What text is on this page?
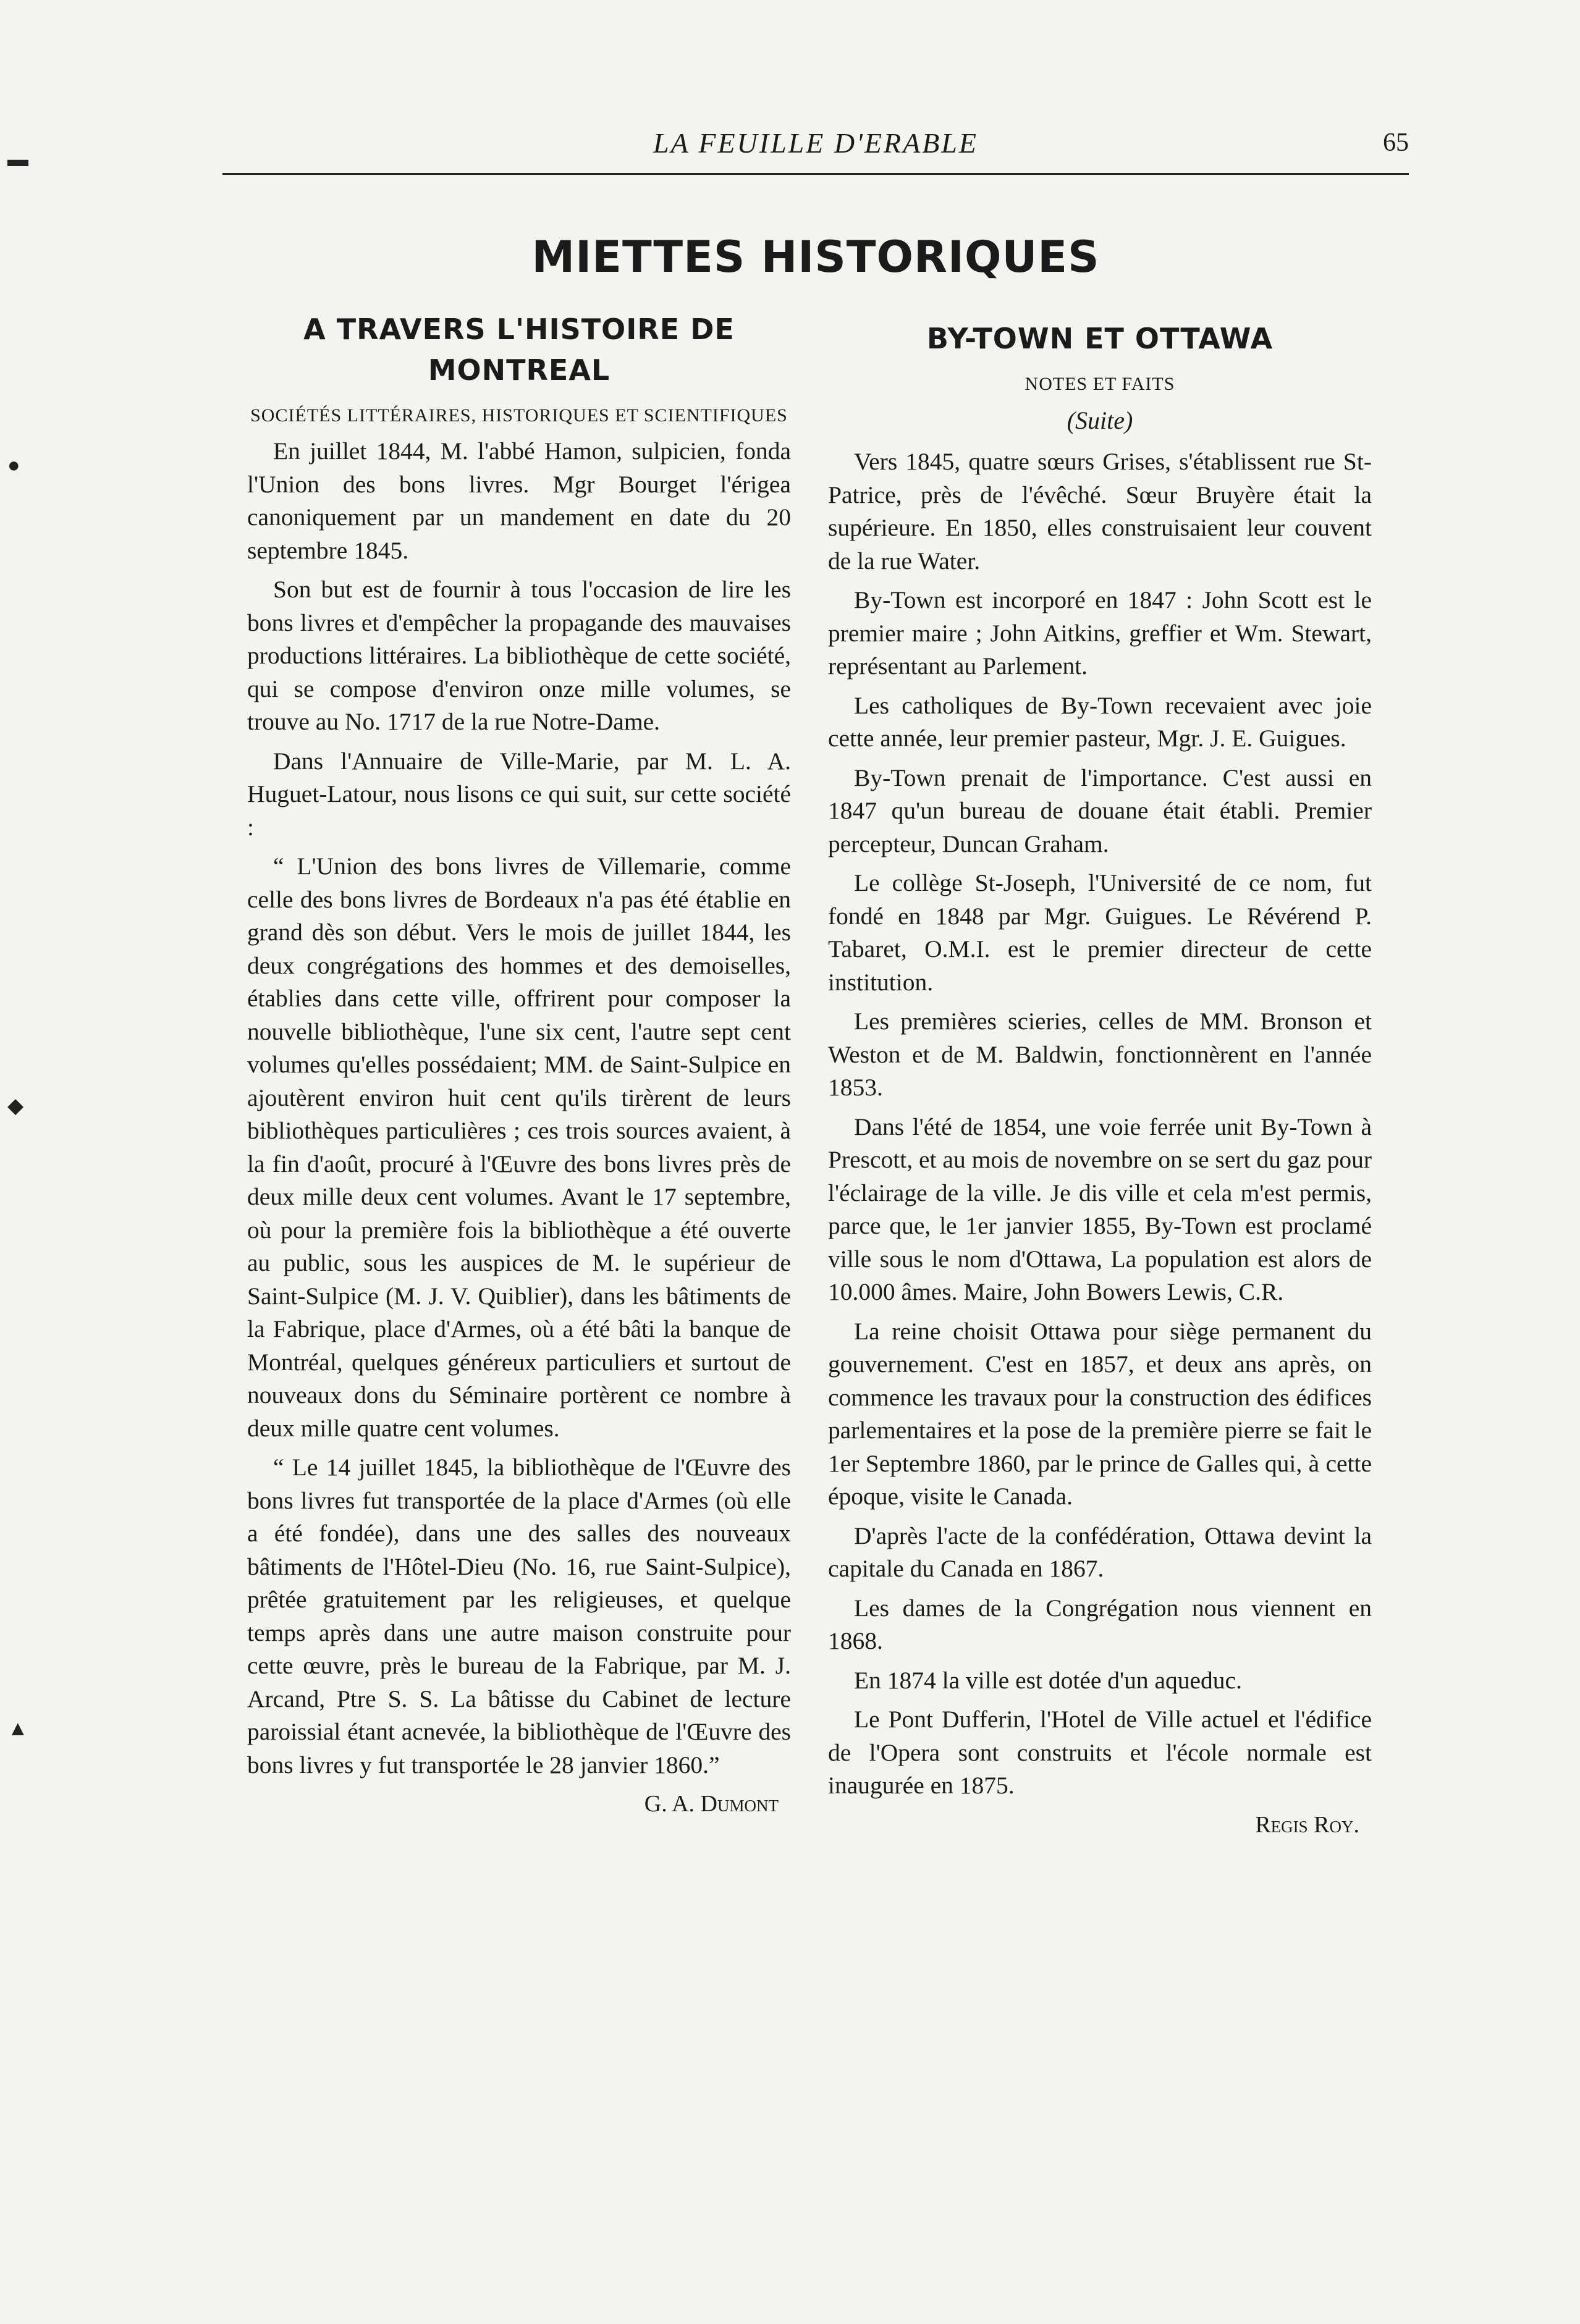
LA FEUILLE D'ERABLE	65
MIETTES HISTORIQUES
A TRAVERS L'HISTOIRE DE MONTREAL
SOCIÉTÉS LITTÉRAIRES, HISTORIQUES ET SCIENTIFIQUES

En juillet 1844, M. l'abbé Hamon, sulpicien, fonda l'Union des bons livres. Mgr Bourget l'érigea canoniquement par un mandement en date du 20 septembre 1845.

Son but est de fournir à tous l'occasion de lire les bons livres et d'empêcher la propagande des mauvaises productions littéraires. La bibliothèque de cette société, qui se compose d'environ onze mille volumes, se trouve au No. 1717 de la rue Notre-Dame.

Dans l'Annuaire de Ville-Marie, par M. L. A. Huguet-Latour, nous lisons ce qui suit, sur cette société :

“ L'Union des bons livres de Villemarie, comme celle des bons livres de Bordeaux n'a pas été établie en grand dès son début. Vers le mois de juillet 1844, les deux congrégations des hommes et des demoiselles, établies dans cette ville, offrirent pour composer la nouvelle bibliothèque, l'une six cent, l'autre sept cent volumes qu'elles possédaient; MM. de Saint-Sulpice en ajoutèrent environ huit cent qu'ils tirèrent de leurs bibliothèques particulières ; ces trois sources avaient, à la fin d'août, procuré à l'Œuvre des bons livres près de deux mille deux cent volumes. Avant le 17 septembre, où pour la première fois la bibliothèque a été ouverte au public, sous les auspices de M. le supérieur de Saint-Sulpice (M. J. V. Quiblier), dans les bâtiments de la Fabrique, place d'Armes, où a été bâti la banque de Montréal, quelques généreux particuliers et surtout de nouveaux dons du Séminaire portèrent ce nombre à deux mille quatre cent volumes.

“ Le 14 juillet 1845, la bibliothèque de l'Œuvre des bons livres fut transportée de la place d'Armes (où elle a été fondée), dans une des salles des nouveaux bâtiments de l'Hôtel-Dieu (No. 16, rue Saint-Sulpice), prêtée gratuitement par les religieuses, et quelque temps après dans une autre maison construite pour cette œuvre, près le bureau de la Fabrique, par M. J. Arcand, Ptre S. S. La bâtisse du Cabinet de lecture paroissial étant acnevée, la bibliothèque de l'Œuvre des bons livres y fut transportée le 28 janvier 1860.”

G. A. Dumont
BY-TOWN ET OTTAWA
NOTES ET FAITS
(Suite)

Vers 1845, quatre sœurs Grises, s'établissent rue St-Patrice, près de l'évêché. Sœur Bruyère était la supérieure. En 1850, elles construisaient leur couvent de la rue Water.

By-Town est incorporé en 1847 : John Scott est le premier maire ; John Aitkins, greffier et Wm. Stewart, représentant au Parlement.

Les catholiques de By-Town recevaient avec joie cette année, leur premier pasteur, Mgr. J. E. Guigues.

By-Town prenait de l'importance. C'est aussi en 1847 qu'un bureau de douane était établi. Premier percepteur, Duncan Graham.

Le collège St-Joseph, l'Université de ce nom, fut fondé en 1848 par Mgr. Guigues. Le Révérend P. Tabaret, O.M.I. est le premier directeur de cette institution.

Les premières scieries, celles de MM. Bronson et Weston et de M. Baldwin, fonctionnèrent en l'année 1853.

Dans l'été de 1854, une voie ferrée unit By-Town à Prescott, et au mois de novembre on se sert du gaz pour l'éclairage de la ville. Je dis ville et cela m'est permis, parce que, le 1er janvier 1855, By-Town est proclamé ville sous le nom d'Ottawa, La population est alors de 10.000 âmes. Maire, John Bowers Lewis, C.R.

La reine choisit Ottawa pour siège permanent du gouvernement. C'est en 1857, et deux ans après, on commence les travaux pour la construction des édifices parlementaires et la pose de la première pierre se fait le 1er Septembre 1860, par le prince de Galles qui, à cette époque, visite le Canada.

D'après l'acte de la confédération, Ottawa devint la capitale du Canada en 1867.

Les dames de la Congrégation nous viennent en 1868.

En 1874 la ville est dotée d'un aqueduc.

Le Pont Dufferin, l'Hotel de Ville actuel et l'édifice de l'Opera sont construits et l'école normale est inaugurée en 1875.

Regis Roy.
▬
●
◆
▲
